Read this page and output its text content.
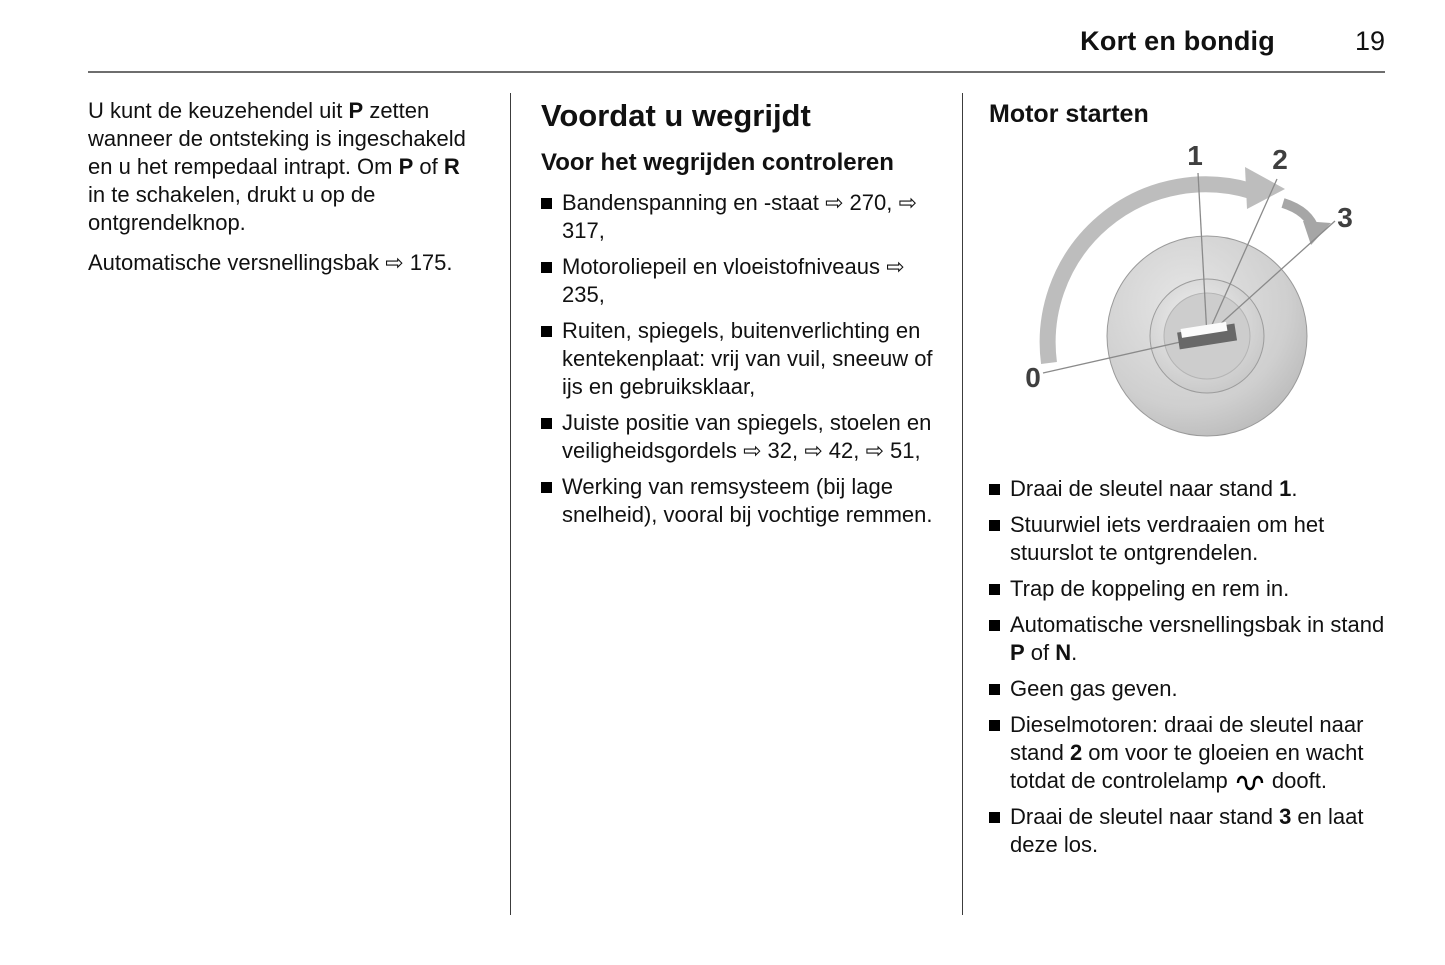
Kort en bondig	19

U kunt de keuzehendel uit P zetten wanneer de ontsteking is ingeschakeld en u het rempedaal intrapt. Om P of R in te schakelen, drukt u op de ontgrendelknop.

Automatische versnellingsbak ⇨ 175.

Voordat u wegrijdt
Voor het wegrijden controleren
Bandenspanning en -staat ⇨ 270, ⇨ 317,
Motoroliepeil en vloeistofniveaus ⇨ 235,
Ruiten, spiegels, buitenverlichting en kentekenplaat: vrij van vuil, sneeuw of ijs en gebruiksklaar,
Juiste positie van spiegels, stoelen en veiligheidsgordels ⇨ 32, ⇨ 42, ⇨ 51,
Werking van remsysteem (bij lage snelheid), vooral bij vochtige remmen.
Motor starten
0
1 2
3
Draai de sleutel naar stand 1.
Stuurwiel iets verdraaien om het stuurslot te ontgrendelen.
Trap de koppeling en rem in.
Automatische versnellingsbak in stand P of N.
Geen gas geven.
Dieselmotoren: draai de sleutel naar stand 2 om voor te gloeien en wacht totdat de controlelamp  dooft.
Draai de sleutel naar stand 3 en laat deze los.
